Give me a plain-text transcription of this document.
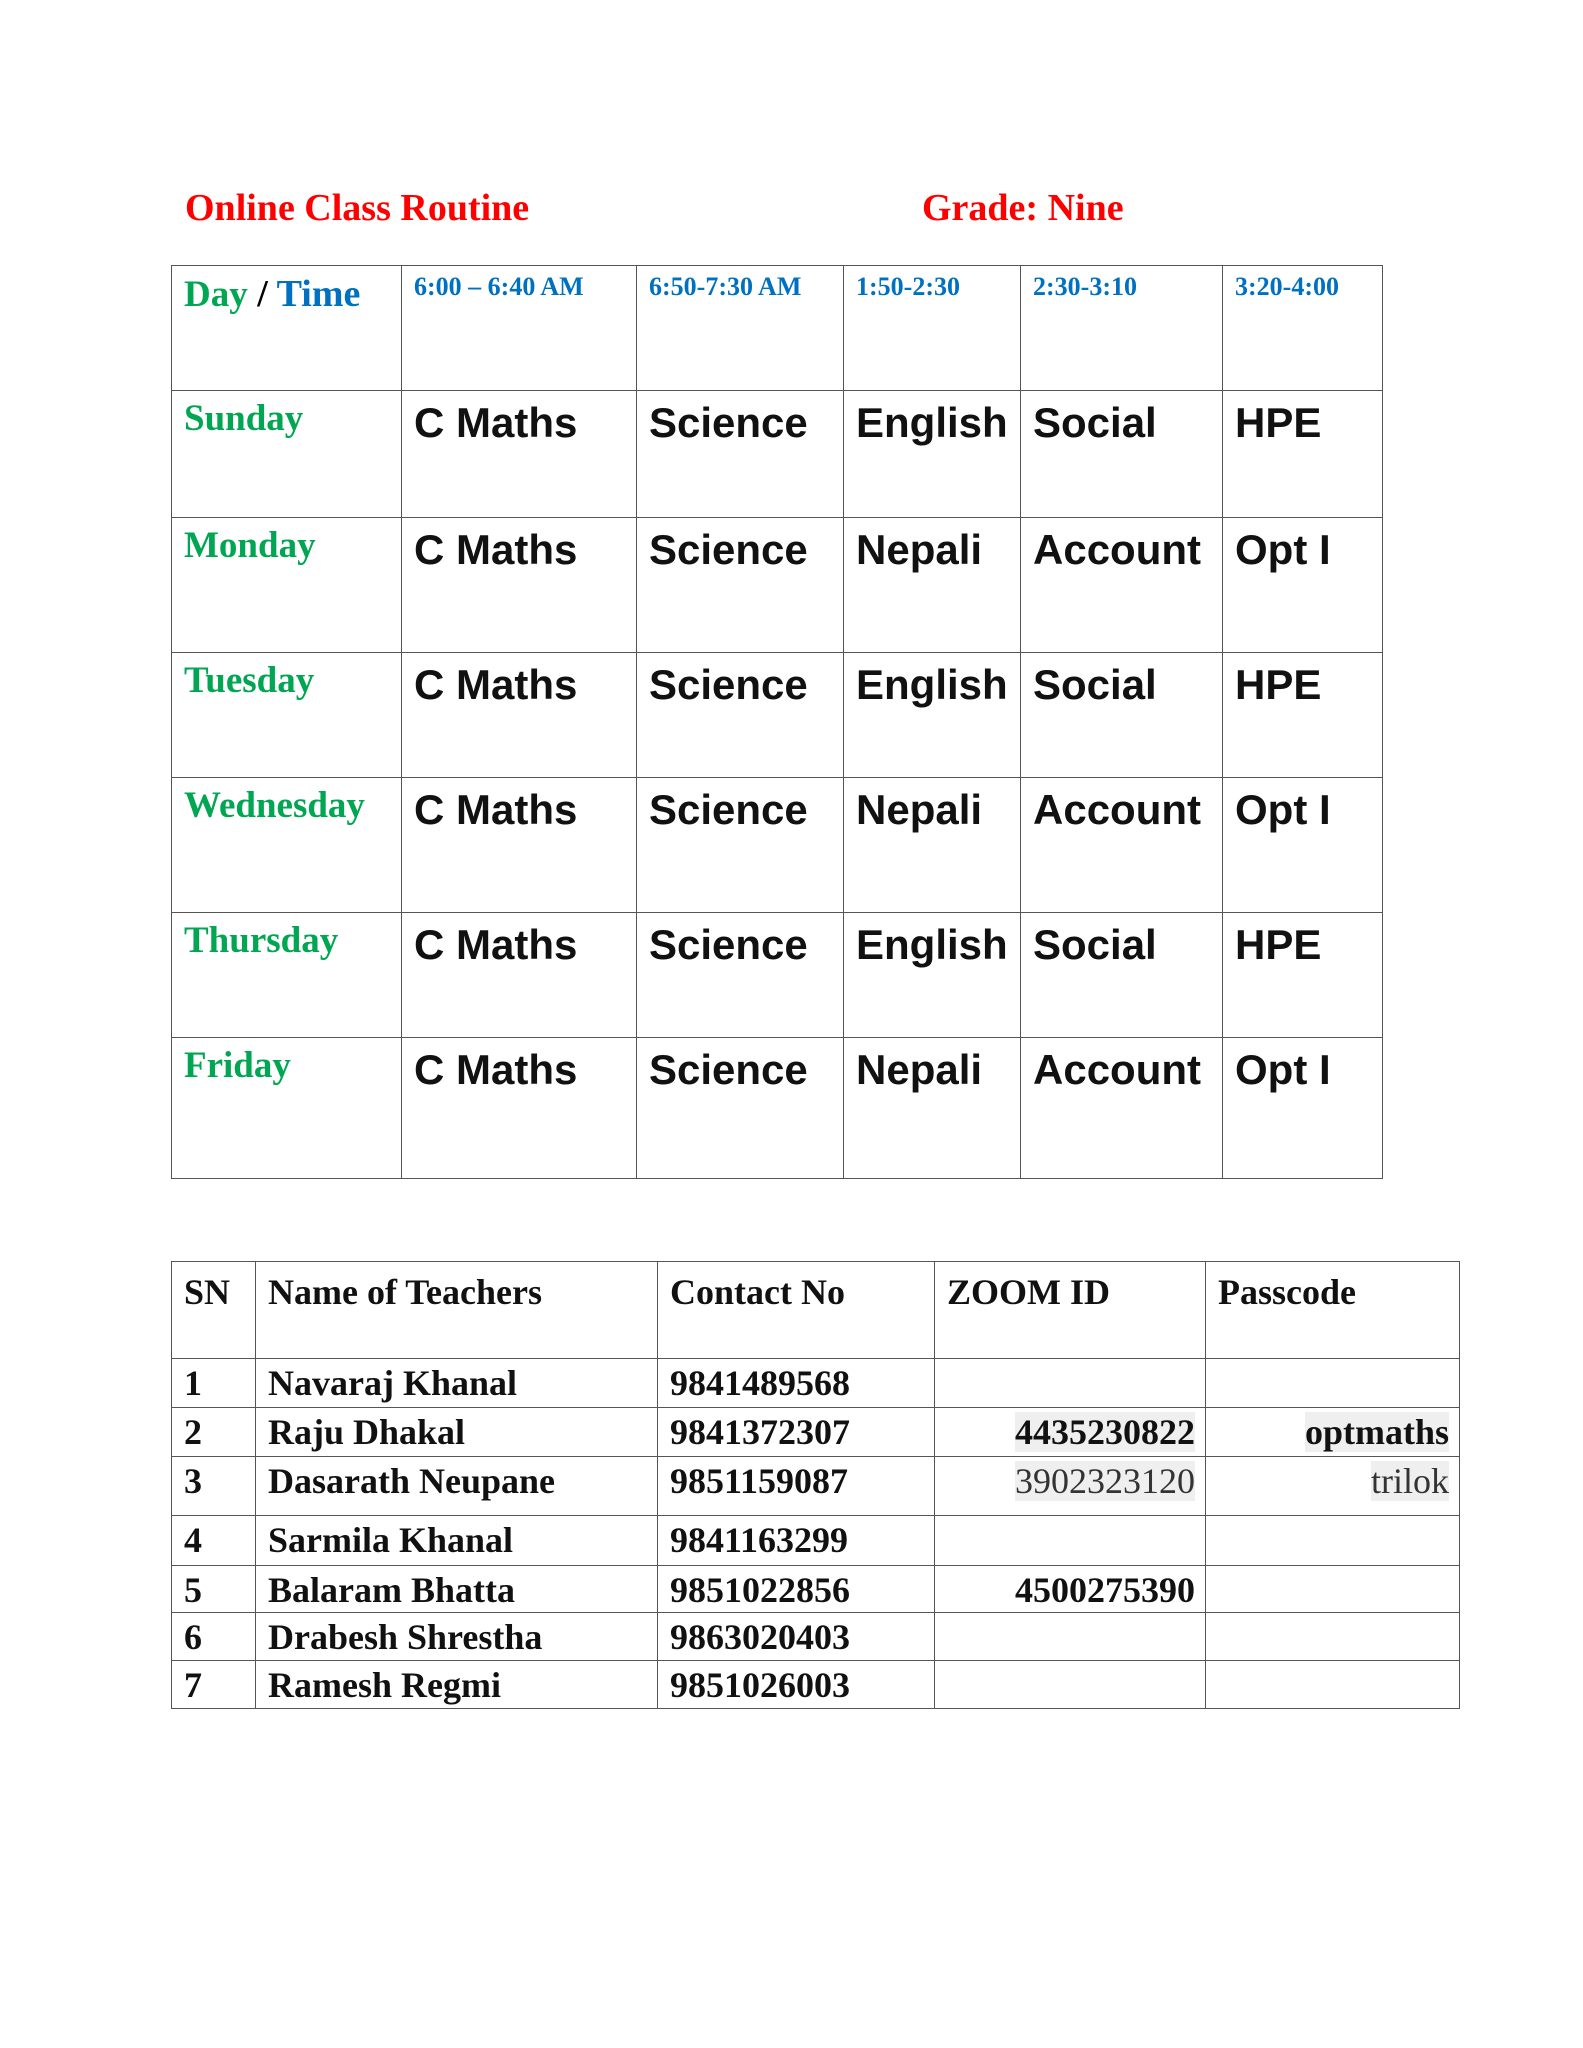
Online Class Routine	Grade: Nine
Day / Time	6:00 – 6:40 AM	6:50-7:30 AM	1:50-2:30	2:30-3:10	3:20-4:00
Sunday	C Maths	Science	English	Social	HPE
Monday	C Maths	Science	Nepali	Account	Opt I
Tuesday	C Maths	Science	English	Social	HPE
Wednesday	C Maths	Science	Nepali	Account	Opt I
Thursday	C Maths	Science	English	Social	HPE
Friday	C Maths	Science	Nepali	Account	Opt I
SN	Name of Teachers	Contact No	ZOOM ID	Passcode
1	Navaraj Khanal	9841489568		
2	Raju Dhakal	9841372307	4435230822	optmaths
3	Dasarath Neupane	9851159087	3902323120	trilok
4	Sarmila Khanal	9841163299		
5	Balaram Bhatta	9851022856	4500275390	
6	Drabesh Shrestha	9863020403		
7	Ramesh Regmi	9851026003		
